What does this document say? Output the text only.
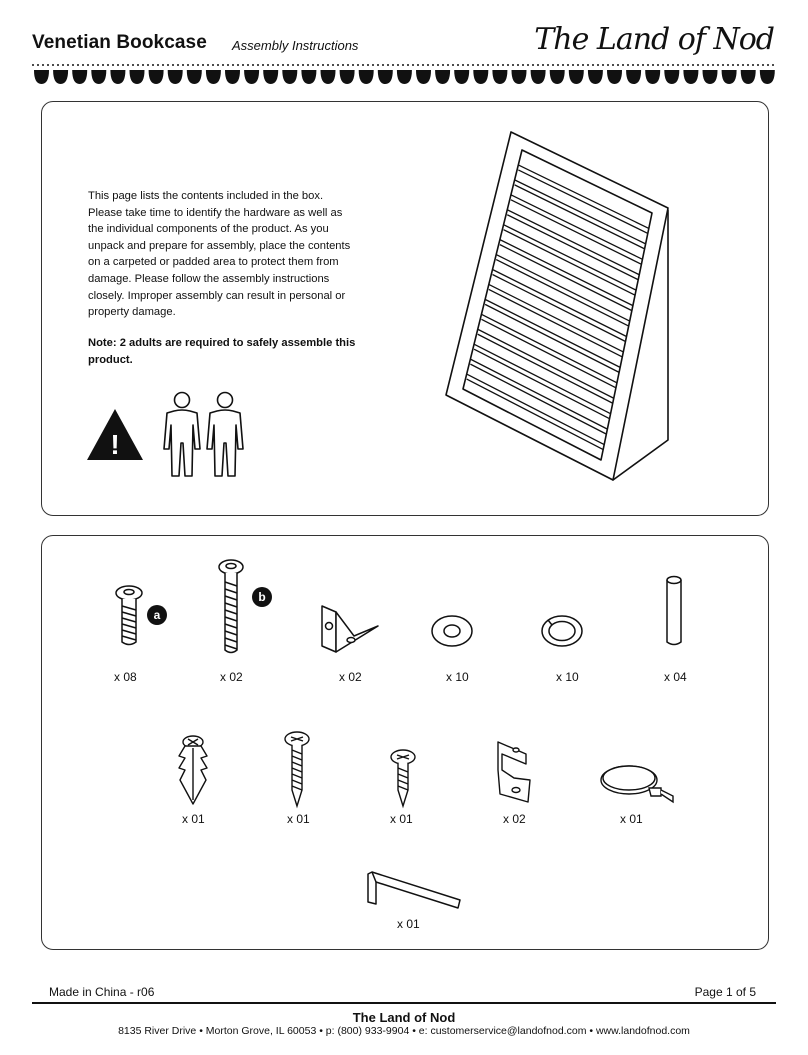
Venetian Bookcase Assembly Instructions	The Land of Nod
This page lists the contents included in the box. Please take time to identify the hardware as well as the individual components of the product. As you unpack and prepare for assembly, place the contents on a carpeted or padded area to protect them from damage. Please follow the assembly instructions closely. Improper assembly can result in personal or property damage.
Note: 2 adults are required to safely assemble this product.
!
a
b
x 08	x 02	x 02	x 10	x 10	x 04
x 01	x 01	x 01	x 02	x 01
x 01
Made in China - r06	Page 1 of 5
The Land of Nod
8135 River Drive • Morton Grove, IL 60053 • p: (800) 933-9904 • e: customerservice@landofnod.com • www.landofnod.com
